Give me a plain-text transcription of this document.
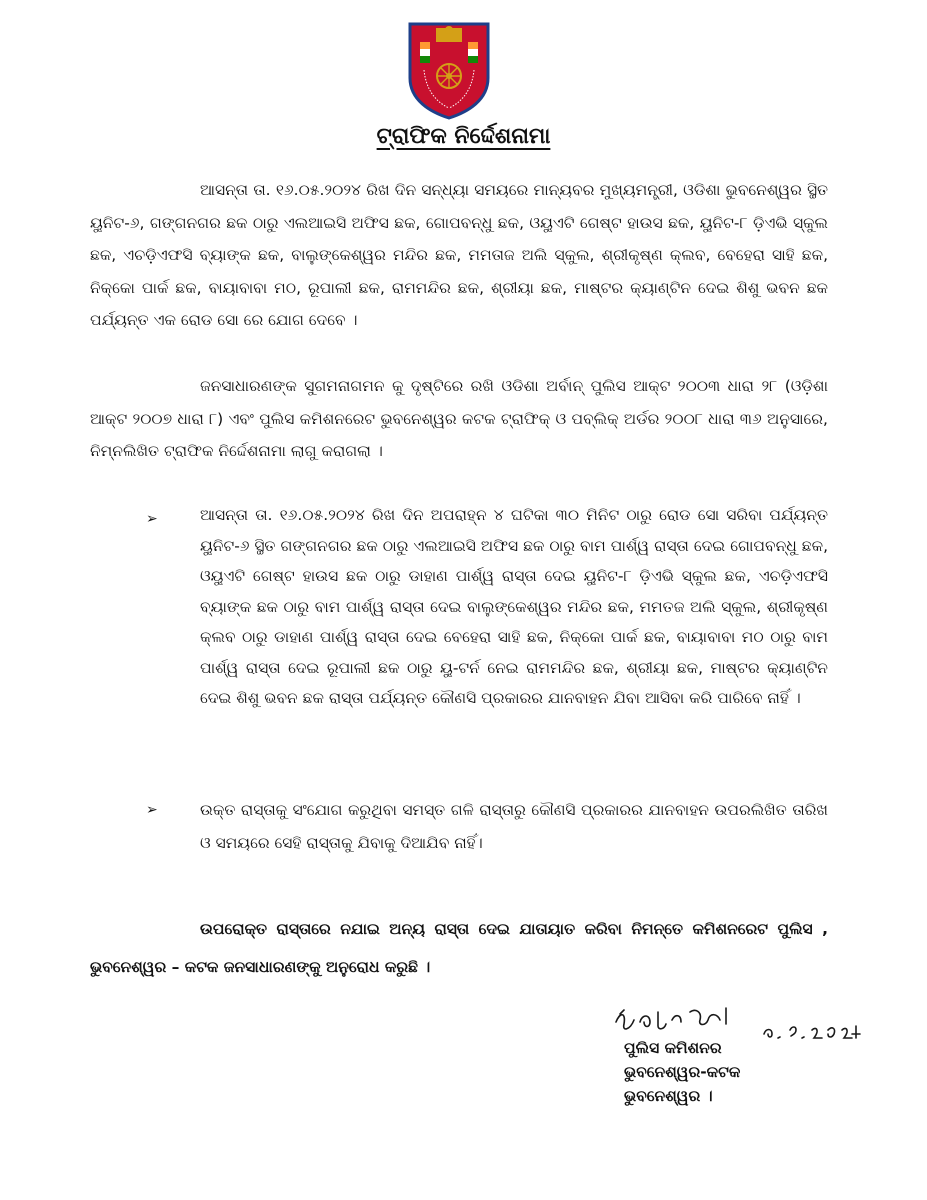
ଟ୍ରାଫିକ ନିର୍ଦ୍ଦେଶନାମା

ଆସନ୍ତା ତା. ୧୬.୦୫.୨୦୨୪ ରିଖ ଦିନ ସନ୍ଧ୍ୟା ସମୟରେ ମାନ୍ୟବର ମୁଖ୍ୟମନ୍ତ୍ରୀ, ଓଡିଶା ଭୁବନେଶ୍ୱର ସ୍ଥିତ ୟୁନିଟ-୬, ଗଙ୍ଗନଗର ଛକ ଠାରୁ ଏଲଆଇସି ଅଫିସ ଛକ, ଗୋପବନ୍ଧୁ ଛକ, ଓୟୁଏଟି ଗେଷ୍ଟ ହାଉସ ଛକ, ୟୁନିଟ-୮ ଡ଼ିଏଭି ସ୍କୁଲ ଛକ, ଏଚଡ଼ିଏଫସି ବ୍ୟାଙ୍କ ଛକ, ବାଲୁଙ୍କେଶ୍ୱର ମନ୍ଦିର ଛକ, ମମତାଜ ଅଲି ସ୍କୁଲ, ଶ୍ରୀକୃଷ୍ଣ କ୍ଲବ, ବେହେରା ସାହି ଛକ, ନିକ୍କୋ ପାର୍କ ଛକ, ବାୟାବାବା ମଠ, ରୂପାଲୀ ଛକ, ରାମମନ୍ଦିର ଛକ, ଶ୍ରୀୟା ଛକ, ମାଷ୍ଟର କ୍ୟାଣ୍ଟିନ ଦେଇ ଶିଶୁ ଭବନ ଛକ ପର୍ଯ୍ୟନ୍ତ ଏକ ରୋଡ ସୋ ରେ ଯୋଗ ଦେବେ ।

ଜନସାଧାରଣଙ୍କ ସୁଗମନାଗମନ କୁ ଦୃଷ୍ଟିରେ ରଖି ଓଡିଶା ଅର୍ବାନ୍ ପୁଲିସ ଆକ୍ଟ ୨୦୦୩ ଧାରା ୨୮ (ଓଡ଼ିଶା ଆକ୍ଟ ୨୦୦୭ ଧାରା ୮) ଏବଂ ପୁଲିସ କମିଶନରେଟ ଭୁବନେଶ୍ୱର କଟକ ଟ୍ରାଫିକ୍ ଓ ପବ୍ଲିକ୍ ଅର୍ଡର ୨୦୦୮ ଧାରା ୩୬ ଅନୁସାରେ, ନିମ୍ନଲିଖିତ ଟ୍ରାଫିକ ନିର୍ଦ୍ଦେଶନାମା ଲାଗୁ କରାଗଲା ।

➢	ଆସନ୍ତା ତା. ୧୬.୦୫.୨୦୨୪ ରିଖ ଦିନ ଅପରାହ୍ନ ୪ ଘଟିକା ୩୦ ମିନିଟ ଠାରୁ ରୋଡ ସୋ ସରିବା ପର୍ଯ୍ୟନ୍ତ ୟୁନିଟ-୬ ସ୍ଥିତ ଗଙ୍ଗନଗର ଛକ ଠାରୁ ଏଲଆଇସି ଅଫିସ ଛକ ଠାରୁ ବାମ ପାର୍ଶ୍ୱ ରାସ୍ତା ଦେଇ ଗୋପବନ୍ଧୁ ଛକ, ଓୟୁଏଟି ଗେଷ୍ଟ ହାଉସ ଛକ ଠାରୁ ଡାହାଣ ପାର୍ଶ୍ୱ ରାସ୍ତା ଦେଇ ୟୁନିଟ-୮ ଡ଼ିଏଭି ସ୍କୁଲ ଛକ, ଏଚଡ଼ିଏଫସି ବ୍ୟାଙ୍କ ଛକ ଠାରୁ ବାମ ପାର୍ଶ୍ୱ ରାସ୍ତା ଦେଇ ବାଲୁଙ୍କେଶ୍ୱର ମନ୍ଦିର ଛକ, ମମତଜ ଅଲି ସ୍କୁଲ, ଶ୍ରୀକୃଷ୍ଣ କ୍ଲବ ଠାରୁ ଡାହାଣ ପାର୍ଶ୍ୱ ରାସ୍ତା ଦେଇ ବେହେରା ସାହି ଛକ, ନିକ୍କୋ ପାର୍କ ଛକ, ବାୟାବାବା ମଠ ଠାରୁ ବାମ ପାର୍ଶ୍ୱ ରାସ୍ତା ଦେଇ ରୂପାଲୀ ଛକ ଠାରୁ ୟୁ-ଟର୍ନ ନେଇ ରାମମନ୍ଦିର ଛକ, ଶ୍ରୀୟା ଛକ, ମାଷ୍ଟର କ୍ୟାଣ୍ଟିନ ଦେଇ ଶିଶୁ ଭବନ ଛକ ରାସ୍ତା ପର୍ଯ୍ୟନ୍ତ କୌଣସି ପ୍ରକାରର ଯାନବାହନ ଯିବା ଆସିବା କରି ପାରିବେ ନାହିଁ ।

➢	ଉକ୍ତ ରାସ୍ତାକୁ ସଂଯୋଗ କରୁଥିବା ସମସ୍ତ ଗଳି ରାସ୍ତାରୁ କୌଣସି ପ୍ରକାରର ଯାନବାହନ ଉପରଲିଖିତ ତାରିଖ ଓ ସମୟରେ ସେହି ରାସ୍ତାକୁ ଯିବାକୁ ଦିଆଯିବ ନାହିଁ।

ଉପରୋକ୍ତ ରାସ୍ତାରେ ନଯାଇ ଅନ୍ୟ ରାସ୍ତା ଦେଇ ଯାତାୟାତ କରିବା ନିମନ୍ତେ କମିଶନରେଟ ପୁଲିସ , ଭୁବନେଶ୍ୱର – କଟକ ଜନସାଧାରଣଙ୍କୁ ଅନୁରୋଧ କରୁଛି ।

ପୁଲିସ କମିଶନର
ଭୁବନେଶ୍ୱର-କଟକ
ଭୁବନେଶ୍ୱର ।
